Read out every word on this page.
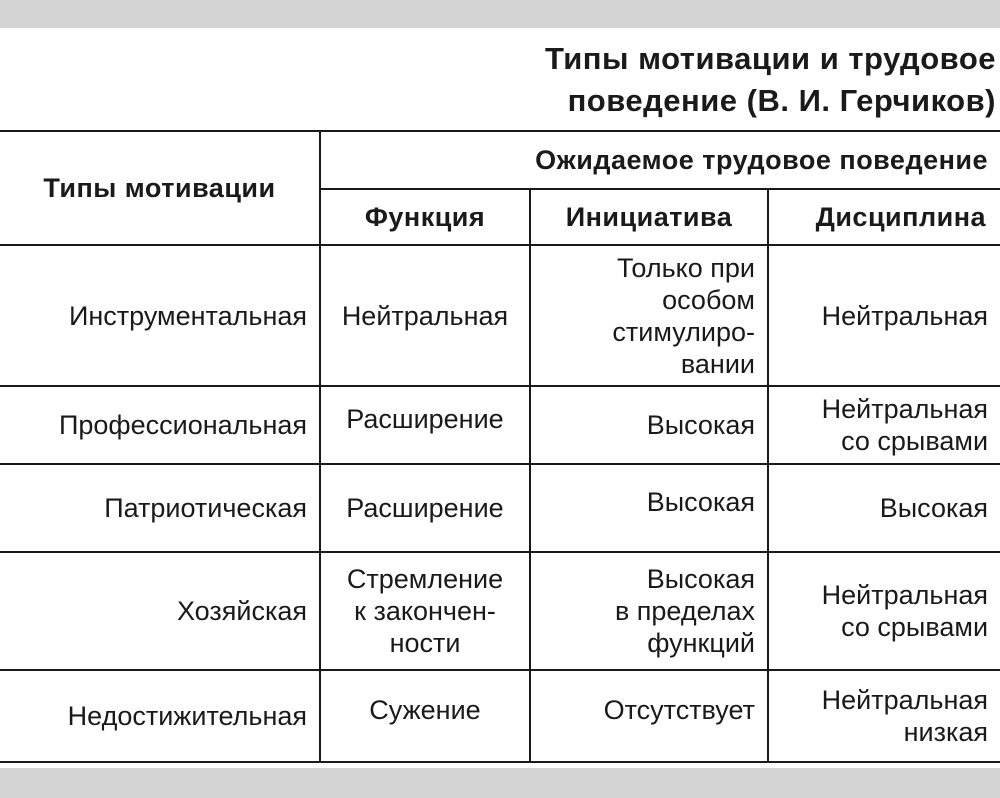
Типы мотивации и трудовое
поведение (В. И. Герчиков)
Типы мотивации	Ожидаемое трудовое поведение		
	Функция	Инициатива	Дисциплина
Инструментальная	Нейтральная	Только при
особом
стимулиро-
вании	Нейтральная
Профессиональная	Расширение	Высокая	Нейтральная
со срывами
Патриотическая	Расширение	Высокая	Высокая
Хозяйская	Стремление
к закончен-
ности	Высокая
в пределах
функций	Нейтральная
со срывами
Недостижительная	Сужение	Отсутствует	Нейтральная
низкая
